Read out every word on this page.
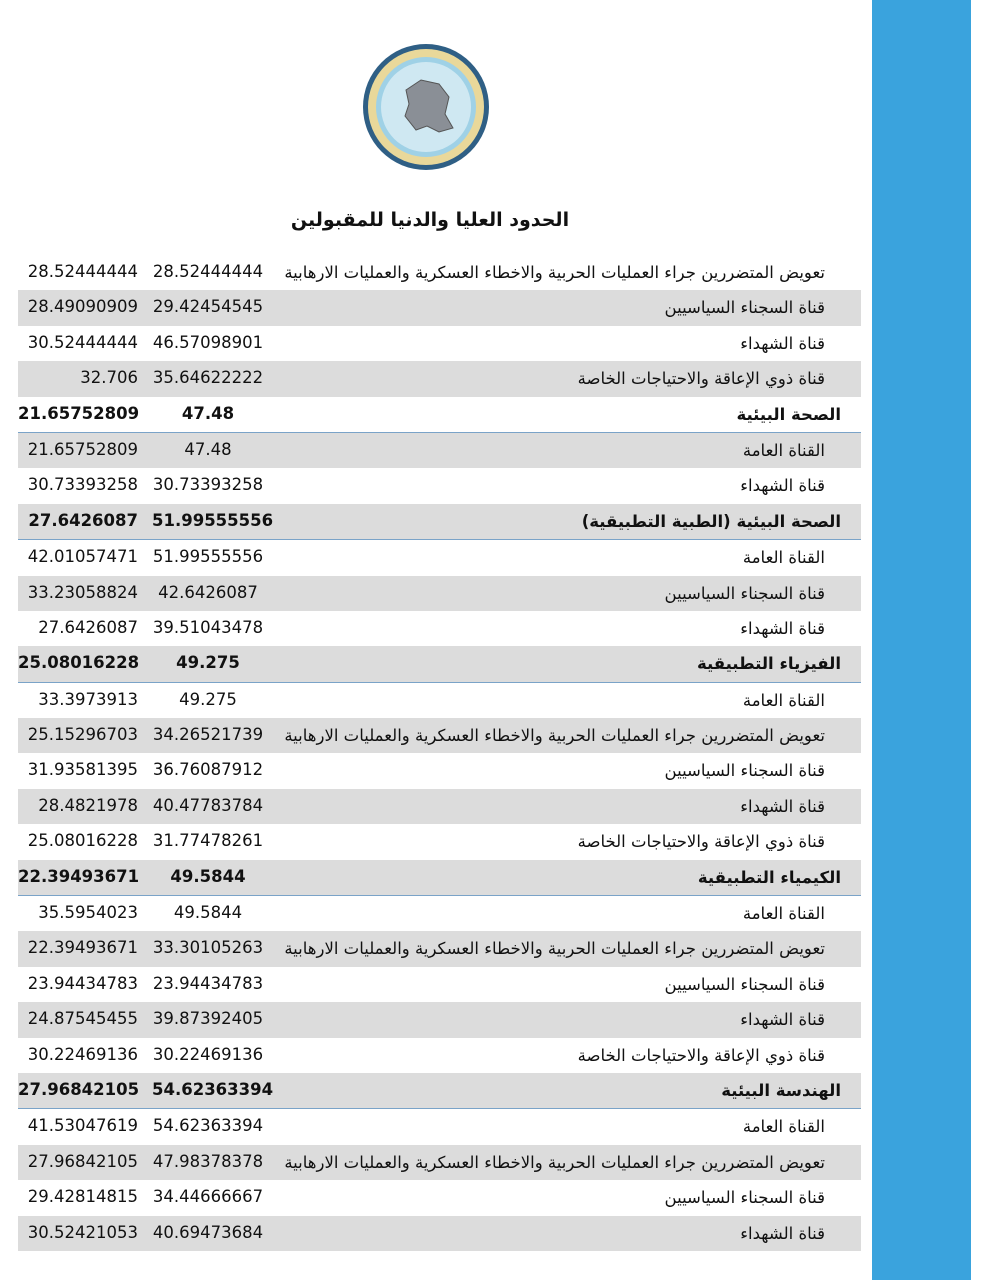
الحدود العليا والدنيا للمقبولين
تعويض المتضررين جراء العمليات الحربية والاخطاء العسكرية والعمليات الارهابية
28.52444444
28.52444444
قناة السجناء السياسيين
29.42454545
28.49090909
قناة الشهداء
46.57098901
30.52444444
قناة ذوي الإعاقة والاحتياجات الخاصة
35.64622222
32.706
الصحة البيئية
47.48
21.65752809
القناة العامة
47.48
21.65752809
قناة الشهداء
30.73393258
30.73393258
الصحة البيئية (الطبية التطبيقية)
51.99555556
27.6426087
القناة العامة
51.99555556
42.01057471
قناة السجناء السياسيين
42.6426087
33.23058824
قناة الشهداء
39.51043478
27.6426087
الفيزياء التطبيقية
49.275
25.08016228
القناة العامة
49.275
33.3973913
تعويض المتضررين جراء العمليات الحربية والاخطاء العسكرية والعمليات الارهابية
34.26521739
25.15296703
قناة السجناء السياسيين
36.76087912
31.93581395
قناة الشهداء
40.47783784
28.4821978
قناة ذوي الإعاقة والاحتياجات الخاصة
31.77478261
25.08016228
الكيمياء التطبيقية
49.5844
22.39493671
القناة العامة
49.5844
35.5954023
تعويض المتضررين جراء العمليات الحربية والاخطاء العسكرية والعمليات الارهابية
33.30105263
22.39493671
قناة السجناء السياسيين
23.94434783
23.94434783
قناة الشهداء
39.87392405
24.87545455
قناة ذوي الإعاقة والاحتياجات الخاصة
30.22469136
30.22469136
الهندسة البيئية
54.62363394
27.96842105
القناة العامة
54.62363394
41.53047619
تعويض المتضررين جراء العمليات الحربية والاخطاء العسكرية والعمليات الارهابية
47.98378378
27.96842105
قناة السجناء السياسيين
34.44666667
29.42814815
قناة الشهداء
40.69473684
30.52421053
